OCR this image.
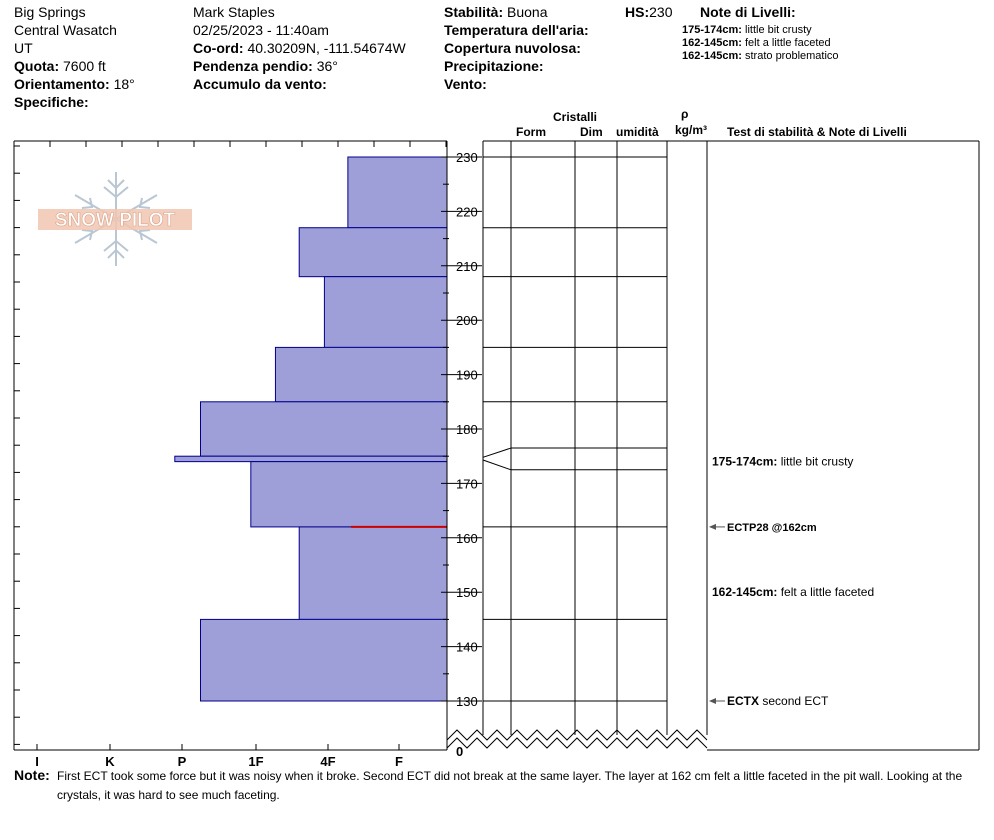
Big Springs
Central Wasatch
UT
Quota: 7600 ft
Orientamento: 18°
Specifiche:
Mark Staples
02/25/2023 - 11:40am
Co-ord: 40.30209N, -111.54674W
Pendenza pendio: 36°
Accumulo da vento:
Stabilità: Buona	HS:230
Temperatura dell'aria:
Copertura nuvolosa:
Precipitazione:
Vento:
Note di Livelli:
175-174cm: little bit crusty
162-145cm: felt a little faceted
162-145cm: strato problematico
Cristalli
Form	Dim umidità
ρ
kg/m³ Test di stabilità & Note di Livelli
SNOW PILOT
I	K	P	1F	4F	F
230
220
210
200
190
180
170
160
150
140
130
0
175-174cm: little bit crusty
ECTP28 @162cm
162-145cm: felt a little faceted
ECTX second ECT
Note: First ECT took some force but it was noisy when it broke. Second ECT did not break at the same layer. The layer at 162 cm felt a little faceted in the pit wall. Looking at the crystals, it was hard to see much faceting.
